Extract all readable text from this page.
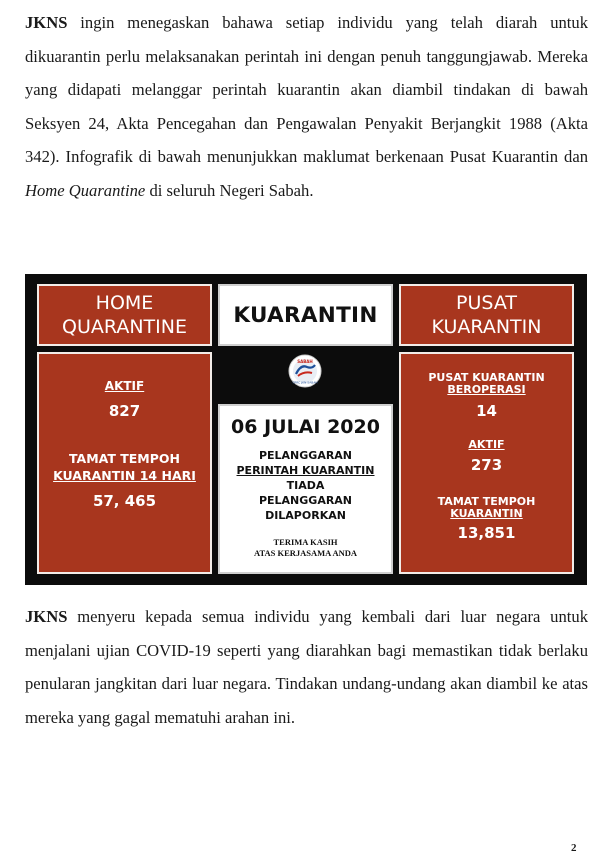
JKNS ingin menegaskan bahawa setiap individu yang telah diarah untuk dikuarantin perlu melaksanakan perintah ini dengan penuh tanggungjawab. Mereka yang didapati melanggar perintah kuarantin akan diambil tindakan di bawah Seksyen 24, Akta Pencegahan dan Pengawalan Penyakit Berjangkit 1988 (Akta 342). Infografik di bawah menunjukkan maklumat berkenaan Pusat Kuarantin dan Home Quarantine di seluruh Negeri Sabah.

HOME QUARANTINE	KUARANTIN	PUSAT KUARANTIN
AKTIF
827
TAMAT TEMPOH
KUARANTIN 14 HARI
57, 465
SABAH
CPRC JKN SABAH
06 JULAI 2020
PELANGGARAN
PERINTAH KUARANTIN
TIADA
PELANGGARAN
DILAPORKAN
TERIMA KASIH
ATAS KERJASAMA ANDA
PUSAT KUARANTIN
BEROPERASI
14
AKTIF
273
TAMAT TEMPOH
KUARANTIN
13,851

JKNS menyeru kepada semua individu yang kembali dari luar negara untuk menjalani ujian COVID-19 seperti yang diarahkan bagi memastikan tidak berlaku penularan jangkitan dari luar negara. Tindakan undang-undang akan diambil ke atas mereka yang gagal mematuhi arahan ini.

2
